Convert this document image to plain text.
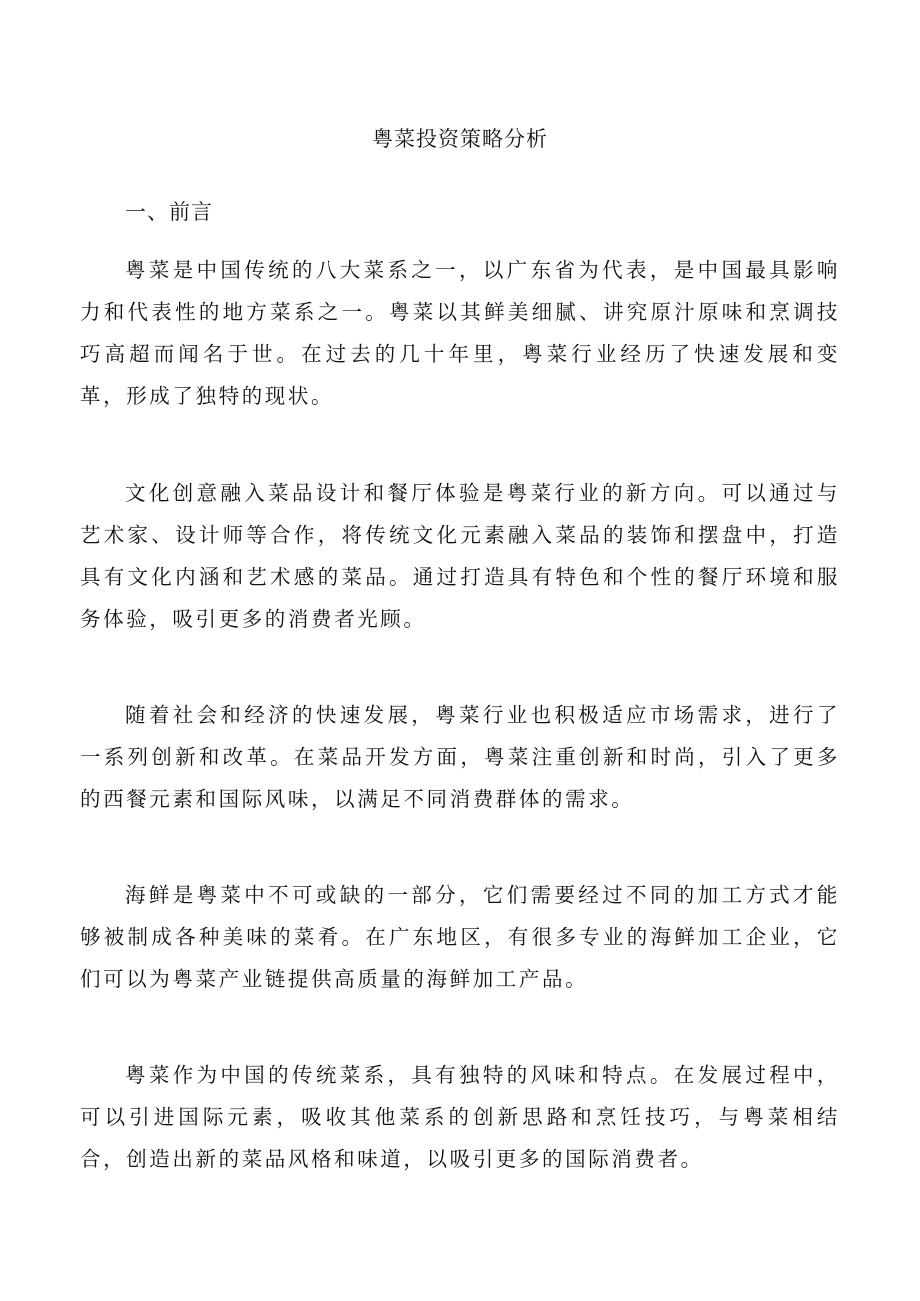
粤菜投资策略分析
一、前言

粤菜是中国传统的八大菜系之一，以广东省为代表，是中国最具影响力和代表性的地方菜系之一。粤菜以其鲜美细腻、讲究原汁原味和烹调技巧高超而闻名于世。在过去的几十年里，粤菜行业经历了快速发展和变革，形成了独特的现状。

文化创意融入菜品设计和餐厅体验是粤菜行业的新方向。可以通过与艺术家、设计师等合作，将传统文化元素融入菜品的装饰和摆盘中，打造具有文化内涵和艺术感的菜品。通过打造具有特色和个性的餐厅环境和服务体验，吸引更多的消费者光顾。

随着社会和经济的快速发展，粤菜行业也积极适应市场需求，进行了一系列创新和改革。在菜品开发方面，粤菜注重创新和时尚，引入了更多的西餐元素和国际风味，以满足不同消费群体的需求。

海鲜是粤菜中不可或缺的一部分，它们需要经过不同的加工方式才能够被制成各种美味的菜肴。在广东地区，有很多专业的海鲜加工企业，它们可以为粤菜产业链提供高质量的海鲜加工产品。

粤菜作为中国的传统菜系，具有独特的风味和特点。在发展过程中，可以引进国际元素，吸收其他菜系的创新思路和烹饪技巧，与粤菜相结合，创造出新的菜品风格和味道，以吸引更多的国际消费者。
